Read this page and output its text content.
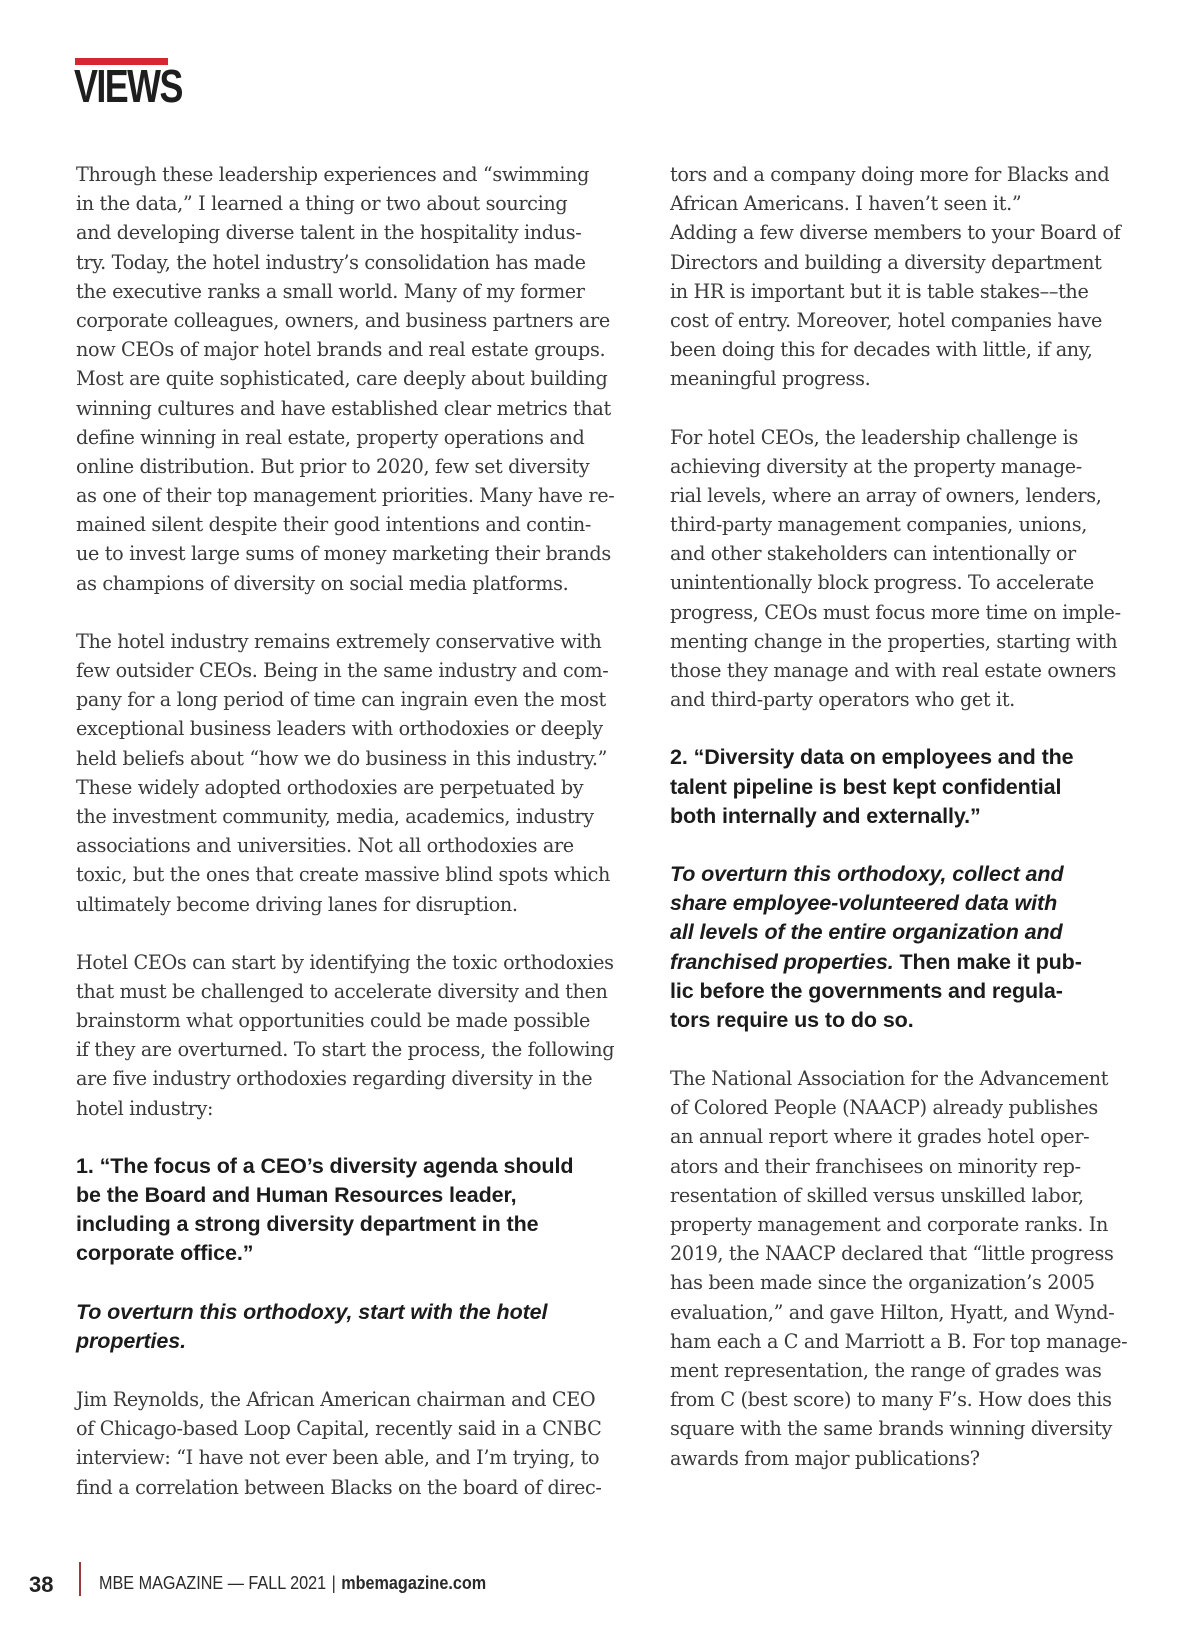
VIEWS
Through these leadership experiences and “swimming
in the data,” I learned a thing or two about sourcing
and developing diverse talent in the hospitality indus-
try. Today, the hotel industry’s consolidation has made
the executive ranks a small world. Many of my former
corporate colleagues, owners, and business partners are
now CEOs of major hotel brands and real estate groups.
Most are quite sophisticated, care deeply about building
winning cultures and have established clear metrics that
define winning in real estate, property operations and
online distribution. But prior to 2020, few set diversity
as one of their top management priorities. Many have re-
mained silent despite their good intentions and contin-
ue to invest large sums of money marketing their brands
as champions of diversity on social media platforms.
The hotel industry remains extremely conservative with
few outsider CEOs. Being in the same industry and com-
pany for a long period of time can ingrain even the most
exceptional business leaders with orthodoxies or deeply
held beliefs about “how we do business in this industry.”
These widely adopted orthodoxies are perpetuated by
the investment community, media, academics, industry
associations and universities. Not all orthodoxies are
toxic, but the ones that create massive blind spots which
ultimately become driving lanes for disruption.
Hotel CEOs can start by identifying the toxic orthodoxies
that must be challenged to accelerate diversity and then
brainstorm what opportunities could be made possible
if they are overturned. To start the process, the following
are five industry orthodoxies regarding diversity in the
hotel industry:
1. “The focus of a CEO’s diversity agenda should
be the Board and Human Resources leader,
including a strong diversity department in the
corporate office.”
To overturn this orthodoxy, start with the hotel
properties.
Jim Reynolds, the African American chairman and CEO
of Chicago-based Loop Capital, recently said in a CNBC
interview: “I have not ever been able, and I’m trying, to
find a correlation between Blacks on the board of direc-
tors and a company doing more for Blacks and
African Americans. I haven’t seen it.”
Adding a few diverse members to your Board of
Directors and building a diversity department
in HR is important but it is table stakes––the
cost of entry. Moreover, hotel companies have
been doing this for decades with little, if any,
meaningful progress.
For hotel CEOs, the leadership challenge is
achieving diversity at the property manage-
rial levels, where an array of owners, lenders,
third-party management companies, unions,
and other stakeholders can intentionally or
unintentionally block progress. To accelerate
progress, CEOs must focus more time on imple-
menting change in the properties, starting with
those they manage and with real estate owners
and third-party operators who get it.
2. “Diversity data on employees and the
talent pipeline is best kept confidential
both internally and externally.”
To overturn this orthodoxy, collect and
share employee-volunteered data with
all levels of the entire organization and
franchised properties. Then make it pub-
lic before the governments and regula-
tors require us to do so.
The National Association for the Advancement
of Colored People (NAACP) already publishes
an annual report where it grades hotel oper-
ators and their franchisees on minority rep-
resentation of skilled versus unskilled labor,
property management and corporate ranks. In
2019, the NAACP declared that “little progress
has been made since the organization’s 2005
evaluation,” and gave Hilton, Hyatt, and Wynd-
ham each a C and Marriott a B. For top manage-
ment representation, the range of grades was
from C (best score) to many F’s. How does this
square with the same brands winning diversity
awards from major publications?
38	MBE MAGAZINE — FALL 2021 | mbemagazine.com
